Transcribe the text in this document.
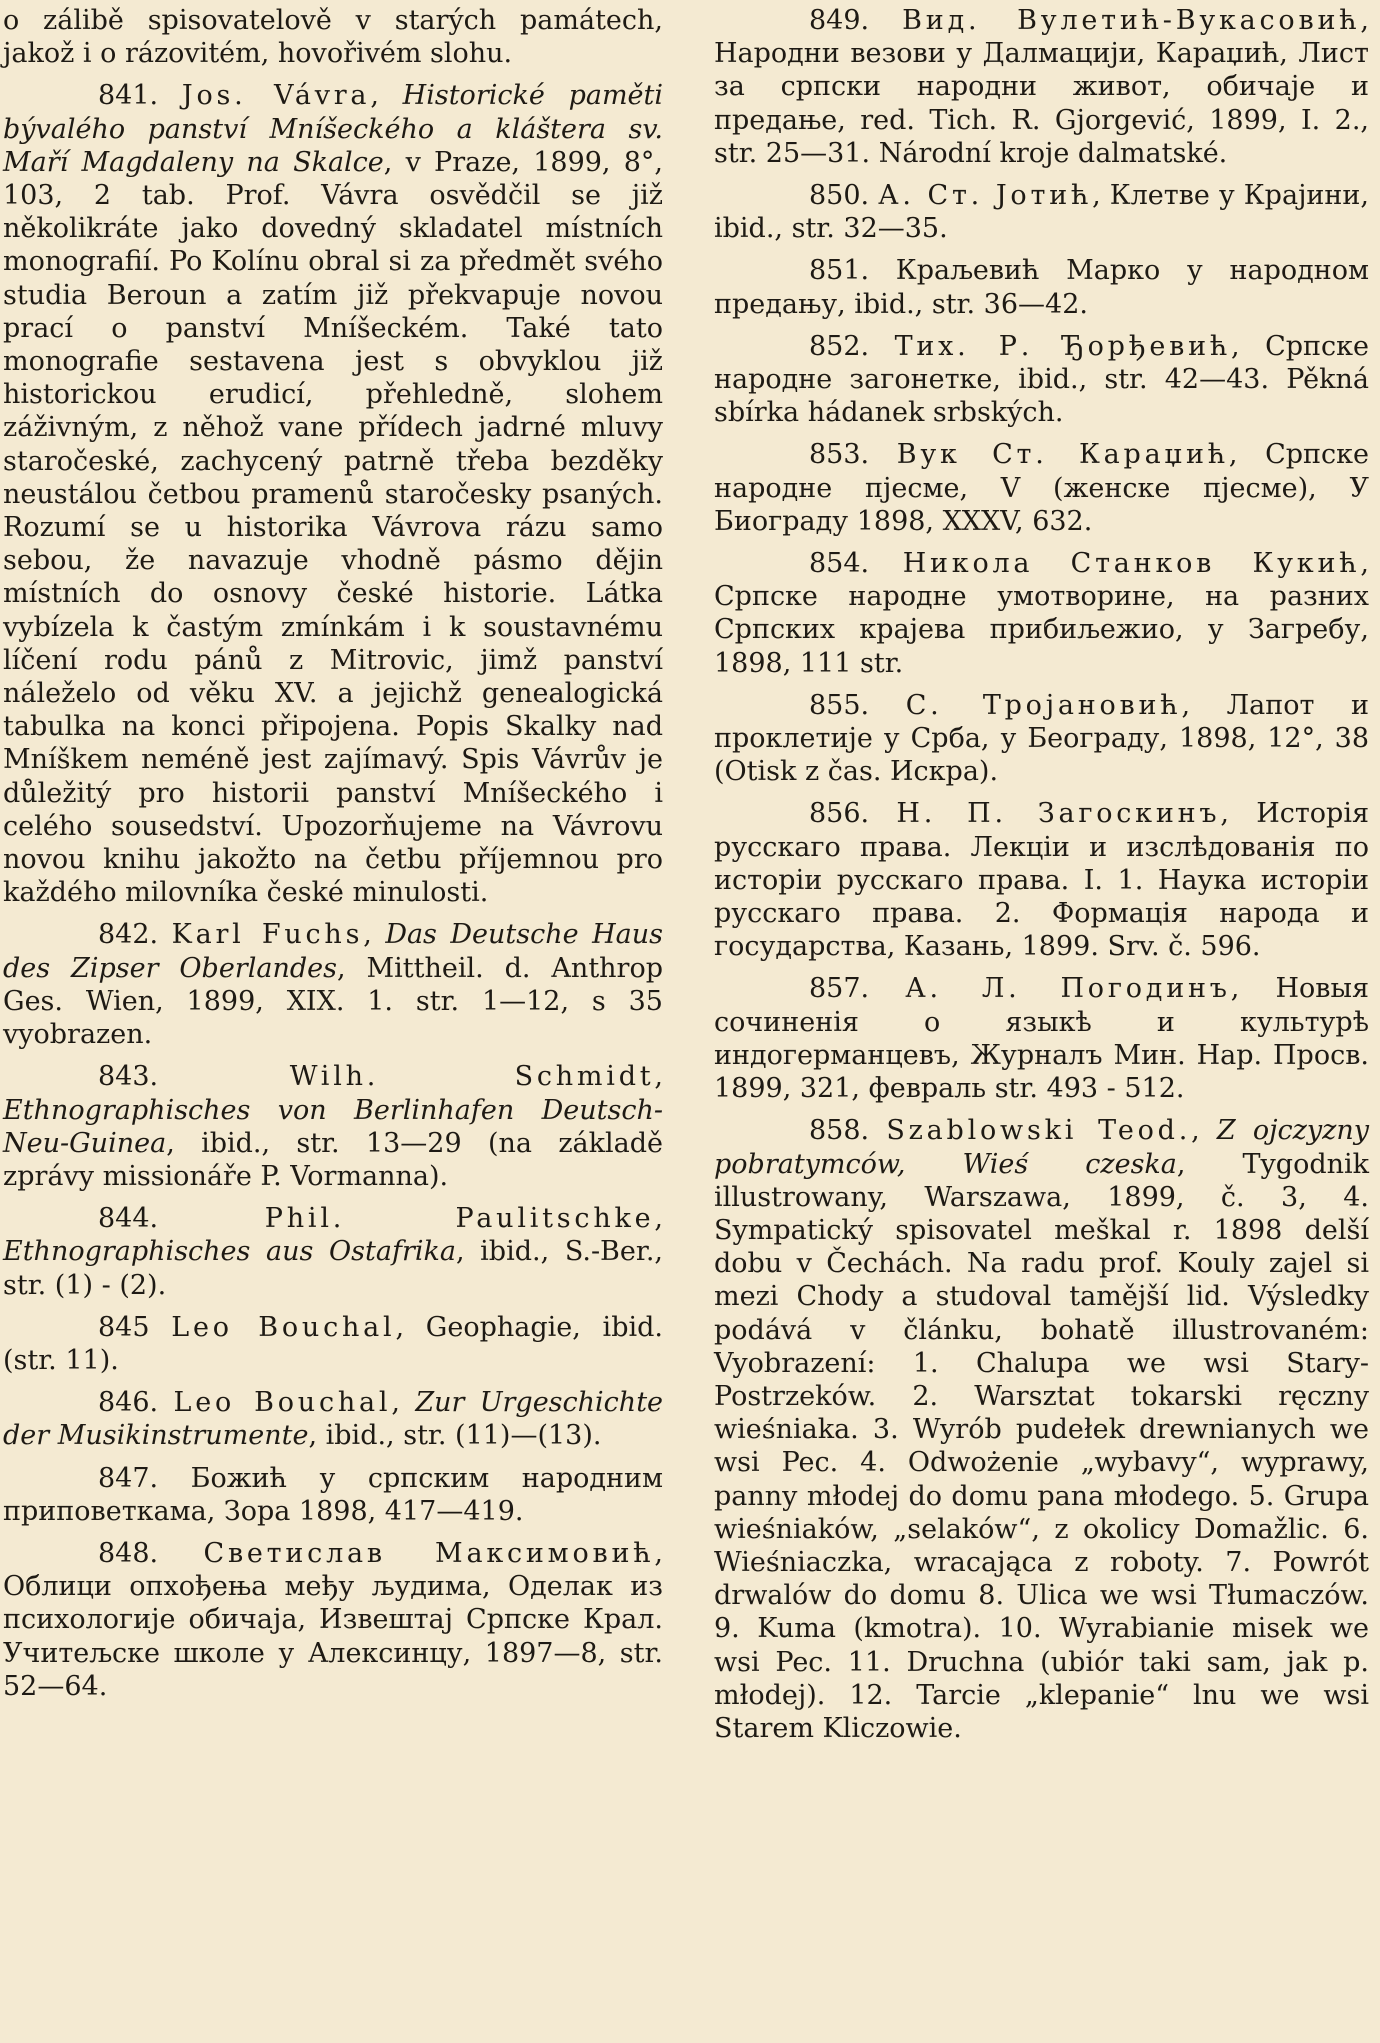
o zálibě spisovatelově v starých památech, jakož i o rázovitém, hovořivém slohu.

841. Jos. Vávra, Historické paměti bývalého panství Mníšeckého a kláštera sv. Maří Magdaleny na Skalce, v Praze, 1899, 8°, 103, 2 tab. Prof. Vávra osvědčil se již několikráte jako dovedný skladatel místních monografií. Po Kolínu obral si za předmět svého studia Beroun a zatím již překvapuje novou prací o panství Mníšeckém. Také tato monografie sestavena jest s obvyklou již historickou erudicí, přehledně, slohem záživným, z něhož vane přídech jadrné mluvy staročeské, zachycený patrně třeba bezděky neustálou četbou pramenů staročesky psaných. Rozumí se u historika Vávrova rázu samo sebou, že navazuje vhodně pásmo dějin místních do osnovy české historie. Látka vybízela k častým zmínkám i k soustavnému líčení rodu pánů z Mitrovic, jimž panství náleželo od věku XV. a jejichž genealogická tabulka na konci připojena. Popis Skalky nad Mníškem neméně jest zajímavý. Spis Vávrův je důležitý pro historii panství Mníšeckého i celého sousedství. Upozorňujeme na Vávrovu novou knihu jakožto na četbu příjemnou pro každého milovníka české minulosti.

842. Karl Fuchs, Das Deutsche Haus des Zipser Oberlandes, Mittheil. d. Anthrop Ges. Wien, 1899, XIX. 1. str. 1—12, s 35 vyobrazen.

843. Wilh. Schmidt, Ethnographisches von Berlinhafen Deutsch-Neu-Guinea, ibid., str. 13—29 (na základě zprávy missionáře P. Vormanna).

844. Phil. Paulitschke, Ethnographisches aus Ostafrika, ibid., S.-Ber., str. (1) - (2).

845 Leo Bouchal, Geophagie, ibid. (str. 11).

846. Leo Bouchal, Zur Urgeschichte der Musikinstrumente, ibid., str. (11)—(13).

847. Божић у српским народним приповеткама, Зора 1898, 417—419.

848. Светислав Максимовић, Облици опхођења међу људима, Оделак из психологије обичаја, Извештај Српске Крал. Учитељске школе у Алексинцу, 1897—8, str. 52—64.

849. Вид. Вулетић-Вукасовић, Народни везови у Далмацији, Караџић, Лист за српски народни живот, обичаје и предање, red. Tich. R. Gjorgević, 1899, I. 2., str. 25—31. Národní kroje dalmatské.

850. А. Ст. Јотић, Клетве у Крајини, ibid., str. 32—35.

851. Краљевић Марко у народном предању, ibid., str. 36—42.

852. Тих. Р. Ђорђевић, Српске народне загонетке, ibid., str. 42—43. Pěkná sbírka hádanek srbských.

853. Вук Ст. Караџић, Српске народне пјесме, V (женске пјесме), У Биограду 1898, XXXV, 632.

854. Никола Станков Кукић, Српске народне умотворине, на разних Српских крајева прибиљежио, у Загребу, 1898, 111 str.

855. С. Тројановић, Лапот и проклетије у Срба, у Београду, 1898, 12°, 38 (Otisk z čas. Искра).

856. Н. П. Загоскинъ, Исторія русскаго права. Лекціи и изслѣдованія по исторіи русскаго права. I. 1. Наука исторіи русскаго права. 2. Формація народа и государства, Казань, 1899. Srv. č. 596.

857. А. Л. Погодинъ, Новыя сочиненія о языкѣ и культурѣ индогерманцевъ, Журналъ Мин. Нар. Просв. 1899, 321, февраль str. 493 - 512.

858. Szablowski Teod., Z ojczyzny pobratymców, Wieś czeska, Tygodnik illustrowany, Warszawa, 1899, č. 3, 4. Sympatický spisovatel meškal r. 1898 delší dobu v Čechách. Na radu prof. Kouly zajel si mezi Chody a studoval tamější lid. Výsledky podává v článku, bohatě illustrovaném: Vyobrazení: 1. Chalupa we wsi Stary-Postrzeków. 2. Warsztat tokarski ręczny wieśniaka. 3. Wyrób pudełek drewnianych we wsi Pec. 4. Odwożenie „wybavy“, wyprawy, panny młodej do domu pana młodego. 5. Grupa wieśniaków, „selaków“, z okolicy Domažlic. 6. Wieśniaczka, wracająca z roboty. 7. Powrót drwalów do domu 8. Ulica we wsi Tłumaczów. 9. Kuma (kmotra). 10. Wyrabianie misek we wsi Pec. 11. Druchna (ubiór taki sam, jak p. młodej). 12. Tarcie „klepanie“ lnu we wsi Starem Kliczowie.
